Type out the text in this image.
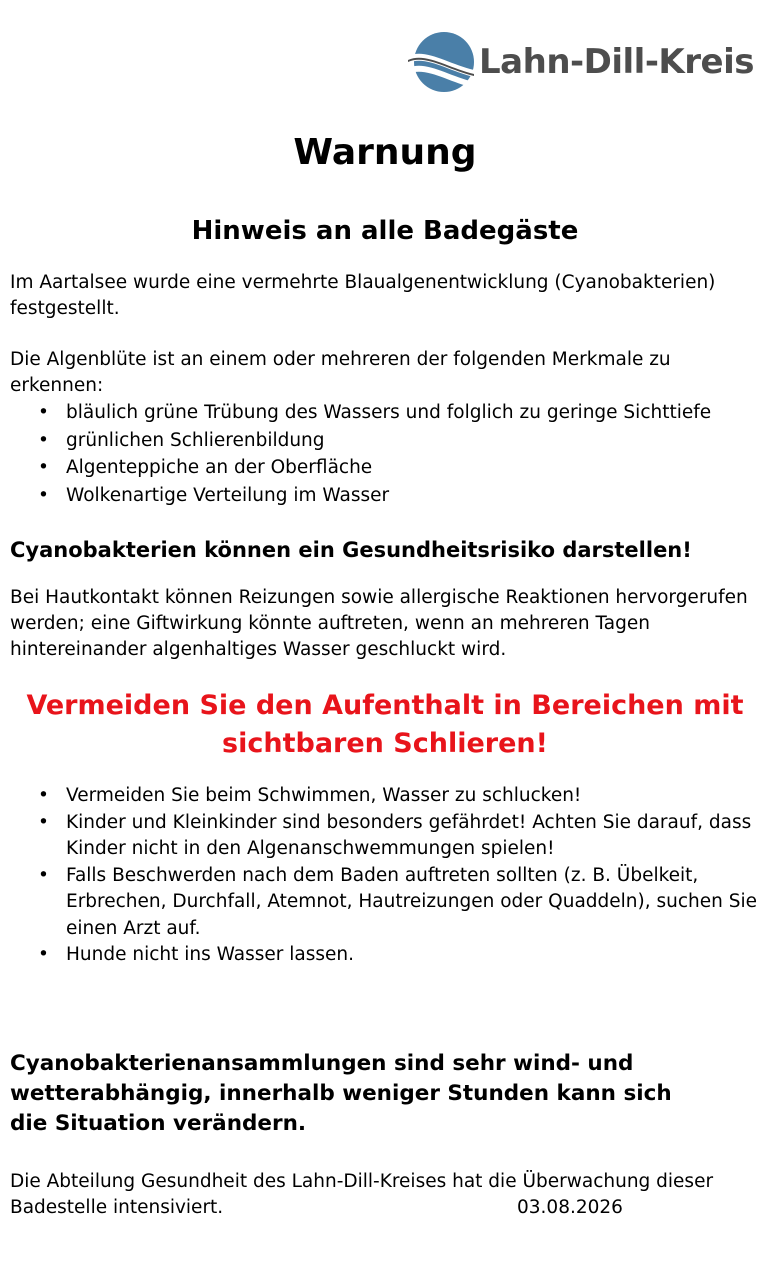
Lahn-Dill-Kreis
Warnung
Hinweis an alle Badegäste

Im Aartalsee wurde eine vermehrte Blaualgenentwicklung (Cyanobakterien) festgestellt.

Die Algenblüte ist an einem oder mehreren der folgenden Merkmale zu erkennen:

• bläulich grüne Trübung des Wassers und folglich zu geringe Sichttiefe
• grünlichen Schlierenbildung
• Algenteppiche an der Oberfläche
• Wolkenartige Verteilung im Wasser
Cyanobakterien können ein Gesundheitsrisiko darstellen!

Bei Hautkontakt können Reizungen sowie allergische Reaktionen hervorgerufen werden; eine Giftwirkung könnte auftreten, wenn an mehreren Tagen hintereinander algenhaltiges Wasser geschluckt wird.

Vermeiden Sie den Aufenthalt in Bereichen mit sichtbaren Schlieren!
• Vermeiden Sie beim Schwimmen, Wasser zu schlucken!
• Kinder und Kleinkinder sind besonders gefährdet! Achten Sie darauf, dass Kinder nicht in den Algenanschwemmungen spielen!
• Falls Beschwerden nach dem Baden auftreten sollten (z. B. Übelkeit, Erbrechen, Durchfall, Atemnot, Hautreizungen oder Quaddeln), suchen Sie einen Arzt auf.
• Hunde nicht ins Wasser lassen.
Cyanobakterienansammlungen sind sehr wind- und wetterabhängig, innerhalb weniger Stunden kann sich die Situation verändern.
Die Abteilung Gesundheit des Lahn-Dill-Kreises hat die Überwachung dieser
Badestelle intensiviert.	03.08.2026
